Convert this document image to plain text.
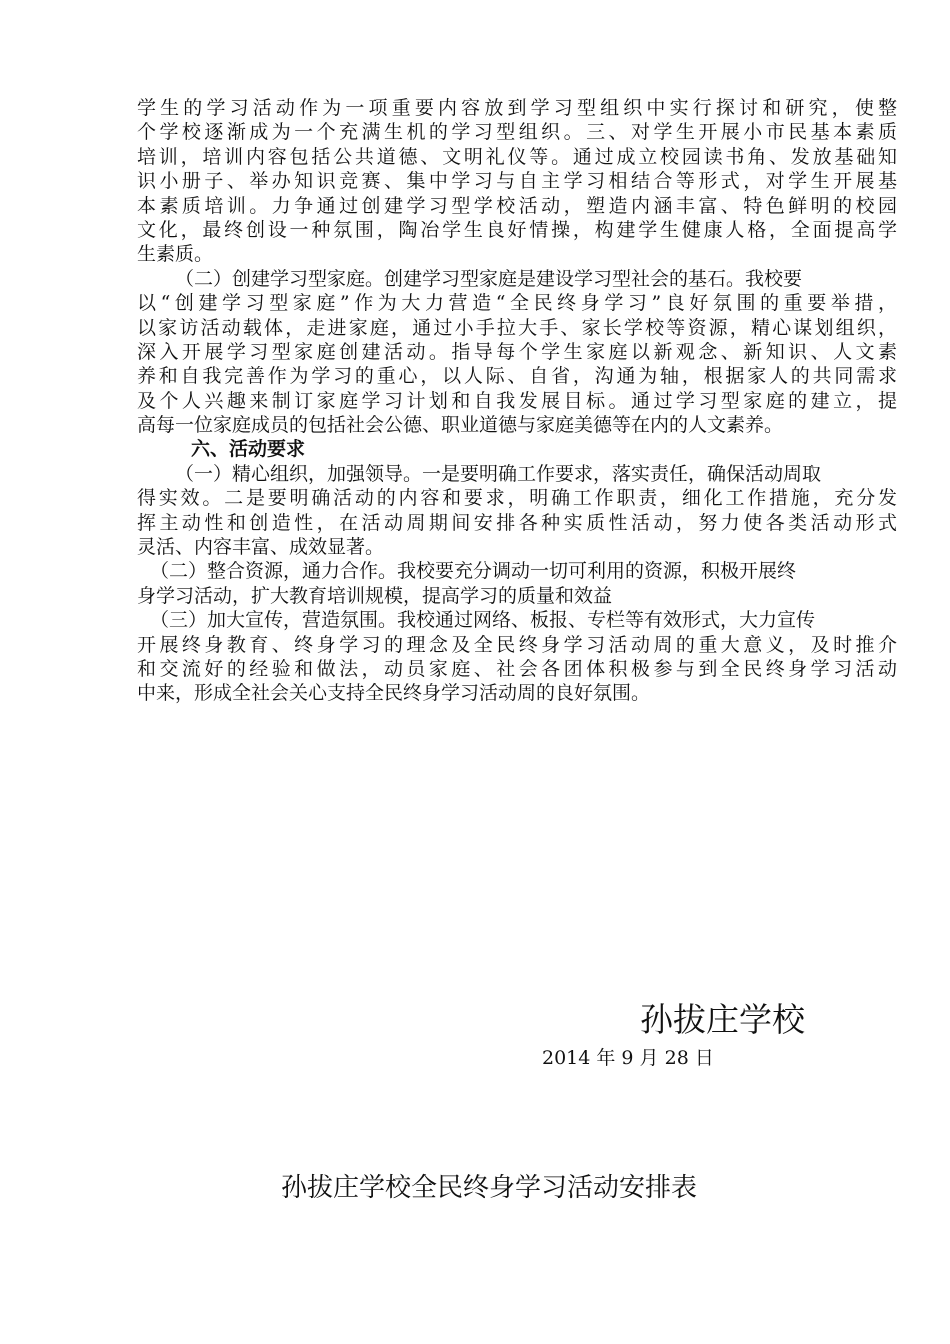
学生的学习活动作为一项重要内容放到学习型组织中实行探讨和研究，使整
个学校逐渐成为一个充满生机的学习型组织。三、对学生开展小市民基本素质
培训，培训内容包括公共道德、文明礼仪等。通过成立校园读书角、发放基础知
识小册子、举办知识竞赛、集中学习与自主学习相结合等形式，对学生开展基
本素质培训。力争通过创建学习型学校活动，塑造内涵丰富、特色鲜明的校园
文化，最终创设一种氛围，陶冶学生良好情操，构建学生健康人格，全面提高学
生素质。
（二）创建学习型家庭。创建学习型家庭是建设学习型社会的基石。我校要
以“创建学习型家庭”作为大力营造“全民终身学习”良好氛围的重要举措，
以家访活动载体，走进家庭，通过小手拉大手、家长学校等资源，精心谋划组织，
深入开展学习型家庭创建活动。指导每个学生家庭以新观念、新知识、人文素
养和自我完善作为学习的重心，以人际、自省，沟通为轴，根据家人的共同需求
及个人兴趣来制订家庭学习计划和自我发展目标。通过学习型家庭的建立，提
高每一位家庭成员的包括社会公德、职业道德与家庭美德等在内的人文素养。
六、活动要求
（一）精心组织，加强领导。一是要明确工作要求，落实责任，确保活动周取
得实效。二是要明确活动的内容和要求，明确工作职责，细化工作措施，充分发
挥主动性和创造性，在活动周期间安排各种实质性活动，努力使各类活动形式
灵活、内容丰富、成效显著。
（二）整合资源，通力合作。我校要充分调动一切可利用的资源，积极开展终
身学习活动，扩大教育培训规模，提高学习的质量和效益
（三）加大宣传，营造氛围。我校通过网络、板报、专栏等有效形式，大力宣传
开展终身教育、终身学习的理念及全民终身学习活动周的重大意义，及时推介
和交流好的经验和做法，动员家庭、社会各团体积极参与到全民终身学习活动
中来，形成全社会关心支持全民终身学习活动周的良好氛围。
孙拔庄学校
2014 年 9 月 28 日
孙拔庄学校全民终身学习活动安排表
